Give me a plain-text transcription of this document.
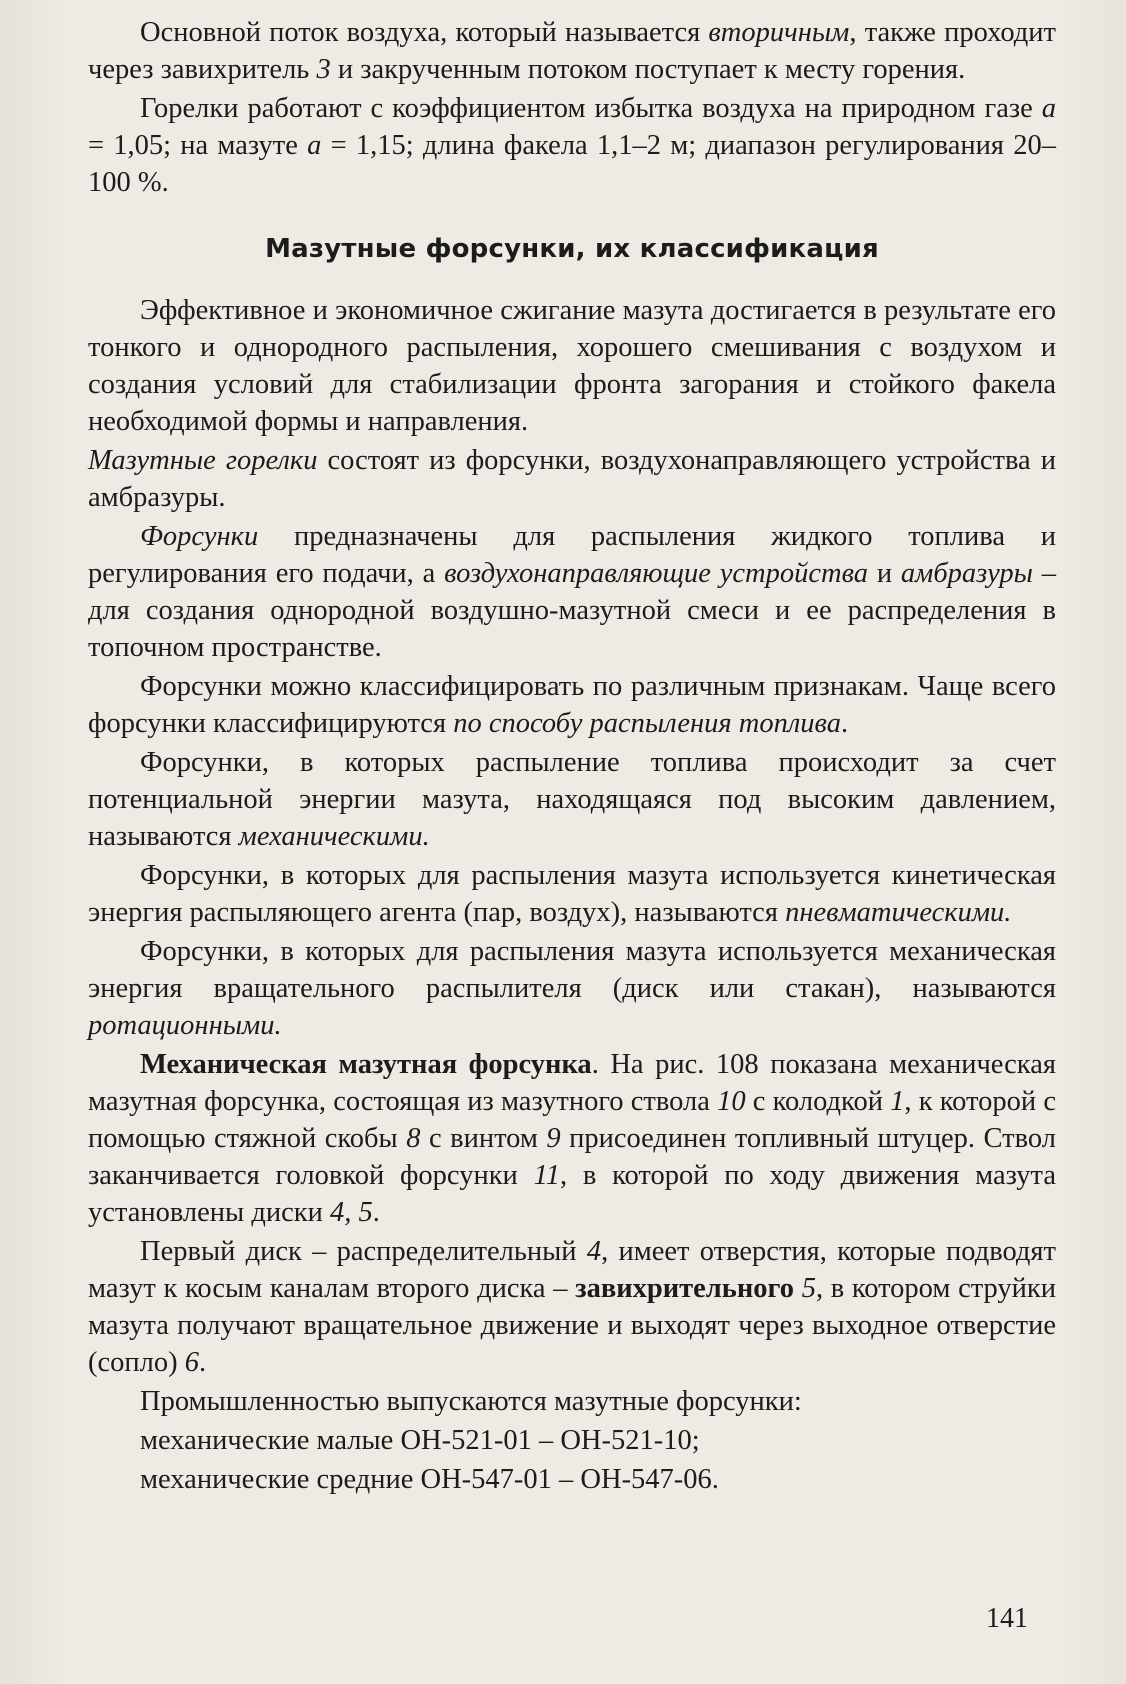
Основной поток воздуха, который называется вторичным, также проходит через завихритель 3 и закрученным потоком поступает к месту горения.

Горелки работают с коэффициентом избытка воздуха на природном газе a = 1,05; на мазуте a = 1,15; длина факела 1,1–2 м; диапазон регулирования 20–100 %.

Мазутные форсунки, их классификация

Эффективное и экономичное сжигание мазута достигается в результате его тонкого и однородного распыления, хорошего смешивания с воздухом и создания условий для стабилизации фронта загорания и стойкого факела необходимой формы и направления.

Мазутные горелки состоят из форсунки, воздухонаправляющего устройства и амбразуры.

Форсунки предназначены для распыления жидкого топлива и регулирования его подачи, а воздухонаправляющие устройства и амбразуры – для создания однородной воздушно-мазутной смеси и ее распределения в топочном пространстве.

Форсунки можно классифицировать по различным признакам. Чаще всего форсунки классифицируются по способу распыления топлива.

Форсунки, в которых распыление топлива происходит за счет потенциальной энергии мазута, находящаяся под высоким давлением, называются механическими.

Форсунки, в которых для распыления мазута используется кинетическая энергия распыляющего агента (пар, воздух), называются пневматическими.

Форсунки, в которых для распыления мазута используется механическая энергия вращательного распылителя (диск или стакан), называются ротационными.

Механическая мазутная форсунка. На рис. 108 показана механическая мазутная форсунка, состоящая из мазутного ствола 10 с колодкой 1, к которой с помощью стяжной скобы 8 с винтом 9 присоединен топливный штуцер. Ствол заканчивается головкой форсунки 11, в которой по ходу движения мазута установлены диски 4, 5.

Первый диск – распределительный 4, имеет отверстия, которые подводят мазут к косым каналам второго диска – завихрительного 5, в котором струйки мазута получают вращательное движение и выходят через выходное отверстие (сопло) 6.

Промышленностью выпускаются мазутные форсунки:

механические малые ОН-521-01 – ОН-521-10;

механические средние ОН-547-01 – ОН-547-06.

141
